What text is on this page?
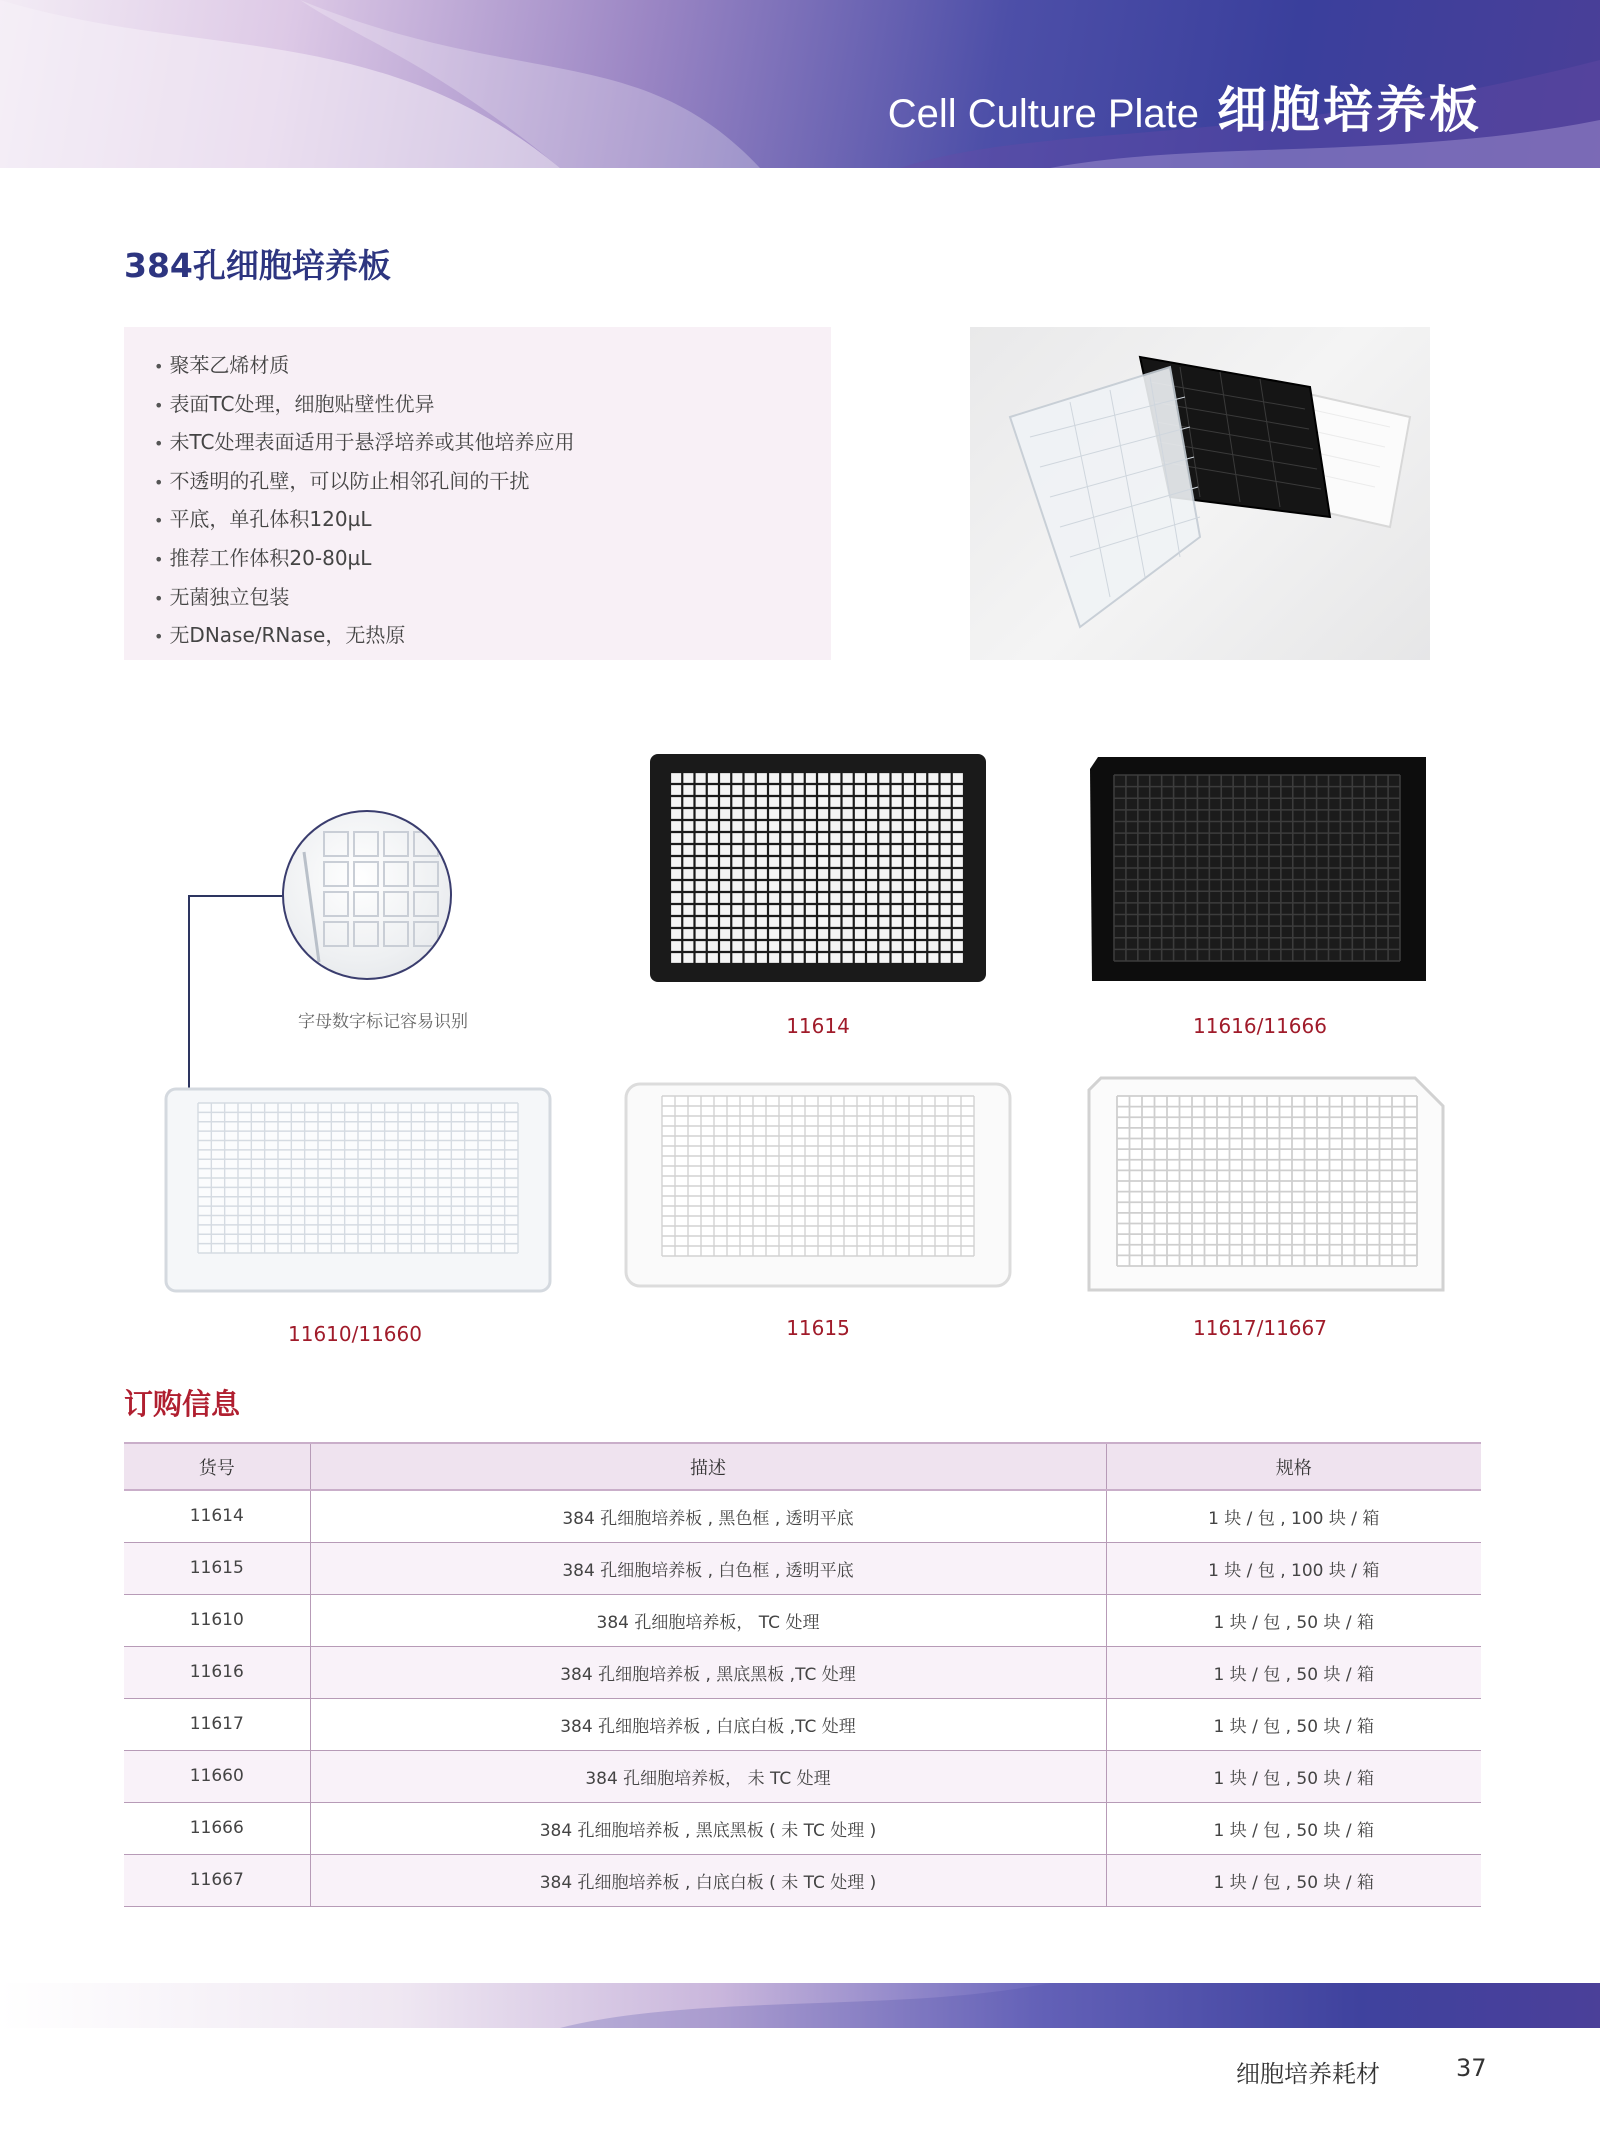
Cell Culture Plate 细胞培养板
384孔细胞培养板
• 聚苯乙烯材质
• 表面TC处理，细胞贴壁性优异
• 未TC处理表面适用于悬浮培养或其他培养应用
• 不透明的孔壁，可以防止相邻孔间的干扰
• 平底，单孔体积120µL
• 推荐工作体积20-80µL
• 无菌独立包装
• 无DNase/RNase，无热原
字母数字标记容易识别	11614	11616/11666
11610/11660	11615	11617/11667
订购信息
货号	描述	规格
11614	384 孔细胞培养板 , 黑色框 , 透明平底	1 块 / 包 , 100 块 / 箱
11615	384 孔细胞培养板 , 白色框 , 透明平底	1 块 / 包 , 100 块 / 箱
11610	384 孔细胞培养板， TC 处理	1 块 / 包 , 50 块 / 箱
11616	384 孔细胞培养板 , 黑底黑板 ,TC 处理	1 块 / 包 , 50 块 / 箱
11617	384 孔细胞培养板 , 白底白板 ,TC 处理	1 块 / 包 , 50 块 / 箱
11660	384 孔细胞培养板， 未 TC 处理	1 块 / 包 , 50 块 / 箱
11666	384 孔细胞培养板 , 黑底黑板 ( 未 TC 处理 )	1 块 / 包 , 50 块 / 箱
11667	384 孔细胞培养板 , 白底白板 ( 未 TC 处理 )	1 块 / 包 , 50 块 / 箱
细胞培养耗材	37
